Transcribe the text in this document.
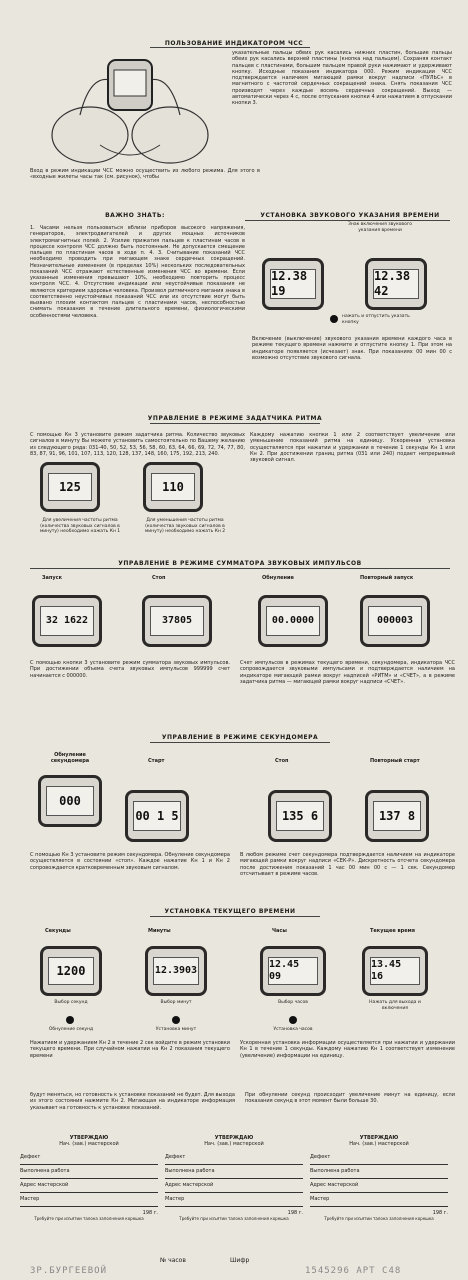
ПОЛЬЗОВАНИЕ ИНДИКАТОРОМ ЧСС
указательные пальцы обеих рук касались нижних пластин, большие пальцы обеих рук касались верхней пластины (кнопка над пальцем). Сохраняя контакт пальцев с пластинами, большим пальцем правой руки нажимают и удерживают кнопку. Исходные показания индикатора 000. Режим индикации ЧСС подтверждается наличием мигающей рамки вокруг надписи «ПУЛЬС» в магнитного с частотой сердечных сокращений знака. Снять показания ЧСС производят через каждые восемь сердечных сокращений. Выход — автоматически через 4 с, после отпускания кнопки 4 или нажатием в отпускании кнопки 3.
Вход в режим индикации ЧСС можно осуществить из любого режима. Для этого в «входные жилеты часы так (см. рисунок), чтобы
ВАЖНО ЗНАТЬ:
1. Часами нельзя пользоваться вблизи приборов высокого напряжения, генераторов, электродвигателей и других мощных источников электромагнитных полей. 2. Усилие прижатия пальцев к пластинам часов в процессе контроля ЧСС должно быть постоянным. Не допускается смещение пальцев по пластинам часов в ходе п. 4. 3. Считывание показаний ЧСС необходимо проводить при мигающем знаке сердечных сокращений. Незначительные изменения (в пределах 10%) нескольких последовательных показаний ЧСС отражают естественные изменения ЧСС во времени. Если указанные изменения превышают 10%, необходимо повторить процесс контроля ЧСС. 4. Отсутствие индикации или неустойчивые показания не являются критерием здоровья человека. Произвол ритмичного мигания знака в соответственно неустойчивых показаний ЧСС или их отсутствие могут быть вызвано плохим контактом пальцев с пластинами часов, неспособностью снимать показания в течение длительного времени, физиологическими особенностями человека.
УСТАНОВКА ЗВУКОВОГО УКАЗАНИЯ ВРЕМЕНИ
Знак включения звукового указания времени
12.38 19
12.38 42
нажать и отпустить указать кнопку
Включение (выключение) звукового указания времени каждого часа в режиме текущего времени нажмите и отпустите кнопку 1. При этом на индикаторе появляется (исчезает) знак. При показаниях 00 мин 00 с возможно отсутствие звукового сигнала.
УПРАВЛЕНИЕ В РЕЖИМЕ ЗАДАТЧИКА РИТМА
С помощью Кн 3 установите режим задатчика ритма. Количество звуковых сигналов в минуту Вы можете установить самостоятельно по Вашему желанию из следующего ряда: 031-40, 50, 52, 53, 56, 58, 60, 63, 64, 66, 69, 72, 74, 77, 80, 83, 87, 91, 96, 101, 107, 113, 120, 128, 137, 148, 160, 175, 192, 213, 240.
Каждому нажатию кнопки 1 или 2 соответствует увеличение или уменьшение показаний ритма на единицу. Ускоренная установка осуществляется при нажатии и удержании в течение 1 секунды Кн 1 или Кн 2. При достижении границ ритма (031 или 240) подает непрерывный звуковой сигнал.
125	110
Для увеличения частоты ритма (количества звуковых сигналов в минуту) необходимо нажать Кн 1
Для уменьшения частоты ритма (количества звуковых сигналов в минуту) необходимо нажать Кн 2
УПРАВЛЕНИЕ В РЕЖИМЕ СУММАТОРА ЗВУКОВЫХ ИМПУЛЬСОВ
Запуск	Стоп	Обнуление	Повторный запуск
32 1622	37805	00.0000	000003
С помощью кнопки 3 установите режим сумматора звуковых импульсов. При достижении объема счета звуковых импульсов 999999 счет начинается с 000000.
Счет импульсов в режимах текущего времени, секундомера, индикатора ЧСС сопровождается звуковыми импульсами и подтверждается наличием на индикаторе мигающей рамки вокруг надписей «РИТМ» и «СЧЕТ», а в режиме задатчика ритма — мигающей рамки вокруг надписи «СЧЕТ».
УПРАВЛЕНИЕ В РЕЖИМЕ СЕКУНДОМЕРА
Обнуление секундомера	Старт	Стоп	Повторный старт
000
00 1 5	135 6	137 8
С помощью Кн 3 установите режим секундомера. Обнуление секундомера осуществляется в состоянии «стоп». Каждое нажатие Кн 1 и Кн 2 сопровождается кратковременным звуковым сигналом.
В любом режиме счет секундомера подтверждается наличием на индикаторе мигающей рамки вокруг надписи «СЕК-Р». Дискретность отсчета секундомера после достижения показаний 1 час 00 мин 00 с — 1 сек. Секундомер отсчитывает в режиме часов.
УСТАНОВКА ТЕКУЩЕГО ВРЕМЕНИ
Секунды	Минуты	Часы	Текущее время
1200	12.3903
12.45 09
13.45 16
Выбор секунд	Выбор минут	Выбор часов	Нажать для выхода и включения
Обнуление секунд	Установка минут	Установка часов
Нажатием и удержанием Кн 2 в течение 2 сек войдите в режим установки текущего времени. При случайном нажатии на Кн 2 показания текущего времени
Ускоренная установка информации осуществляется при нажатии и удержании Кн 1 в течение 1 секунды. Каждому нажатию Кн 1 соответствует изменение (увеличение) информации на единицу.
будут меняться, но готовность к установке показаний не будет. Для выхода из этого состояния нажмите Кн 2. Мигающая на индикаторе информация указывает на готовность к установке показаний.
При обнулении секунд происходит увеличение минут на единицу, если показания секунд в этот момент были больше 30.
УТВЕРЖДАЮ
Нач. (зав.) мастерской
Дефект
Выполнена работа
Адрес мастерской
Мастер
198 г.
Требуйте при изъятии талона заполнения корешка
УТВЕРЖДАЮ
Нач. (зав.) мастерской
Дефект
Выполнена работа
Адрес мастерской
Мастер
198 г.
Требуйте при изъятии талона заполнения корешка
УТВЕРЖДАЮ
Нач. (зав.) мастерской
Дефект
Выполнена работа
Адрес мастерской
Мастер
198 г.
Требуйте при изъятии талона заполнения корешка
№ часов	Шифр
ЗР.БУРГЕЕВОЙ	1545296 АРТ С48
